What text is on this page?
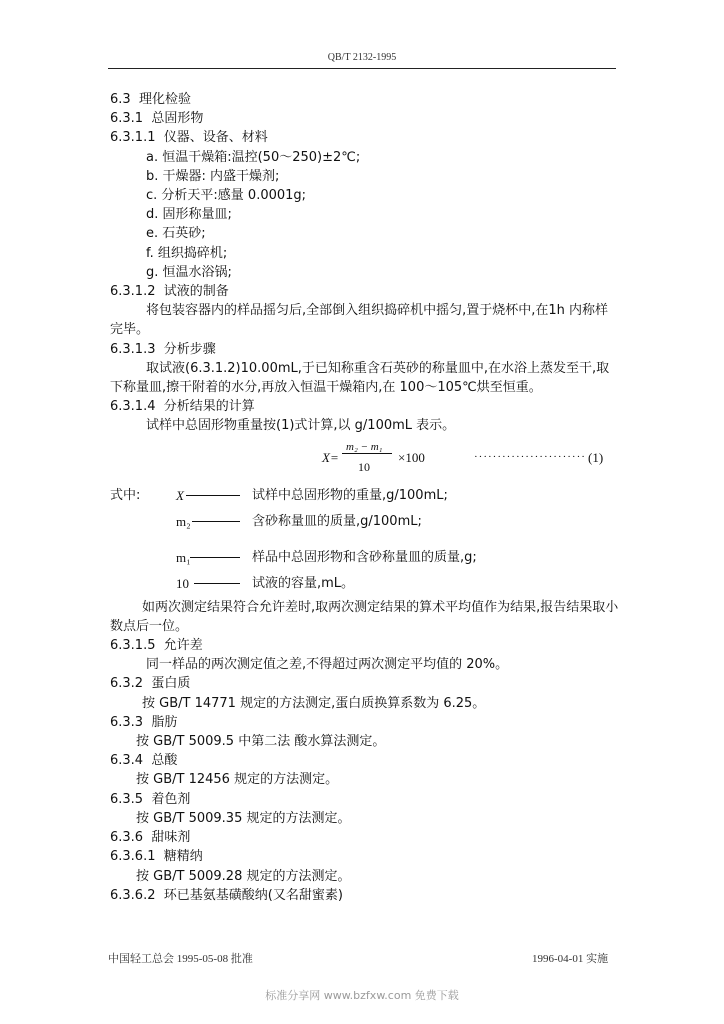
QB/T 2132-1995
6.3  理化检验
6.3.1  总固形物
6.3.1.1  仪器、设备、材料
a. 恒温干燥箱:温控(50～250)±2℃;
b. 干燥器: 内盛干燥剂;
c. 分析天平:感量 0.0001g;
d. 固形称量皿;
e. 石英砂;
f. 组织捣碎机;
g. 恒温水浴锅;
6.3.1.2  试液的制备
将包装容器内的样品摇匀后,全部倒入组织捣碎机中摇匀,置于烧杯中,在1h 内称样完毕。
6.3.1.3  分析步骤
取试液(6.3.1.2)10.00mL,于已知称重含石英砂的称量皿中,在水浴上蒸发至干,取下称量皿,擦干附着的水分,再放入恒温干燥箱内,在 100～105℃烘至恒重。
6.3.1.4  分析结果的计算
试样中总固形物重量按(1)式计算,以 g/100mL 表示。
X=
m₂ − m₁
10
×100	························ (1)
式中:	X	试样中总固形物的重量,g/100mL;
m₂	含砂称量皿的质量,g/100mL;
m₁	样品中总固形物和含砂称量皿的质量,g;
10	试液的容量,mL。
如两次测定结果符合允许差时,取两次测定结果的算术平均值作为结果,报告结果取小数点后一位。
6.3.1.5  允许差
同一样品的两次测定值之差,不得超过两次测定平均值的 20%。
6.3.2  蛋白质
按 GB/T 14771 规定的方法测定,蛋白质换算系数为 6.25。
6.3.3  脂肪
按 GB/T 5009.5 中第二法 酸水算法测定。
6.3.4  总酸
按 GB/T 12456 规定的方法测定。
6.3.5  着色剂
按 GB/T 5009.35 规定的方法测定。
6.3.6  甜味剂
6.3.6.1  糖精纳
按 GB/T 5009.28 规定的方法测定。
6.3.6.2  环已基氨基磺酸纳(又名甜蜜素)
中国轻工总会 1995-05-08 批准	1996-04-01 实施
标准分享网 www.bzfxw.com 免费下载
